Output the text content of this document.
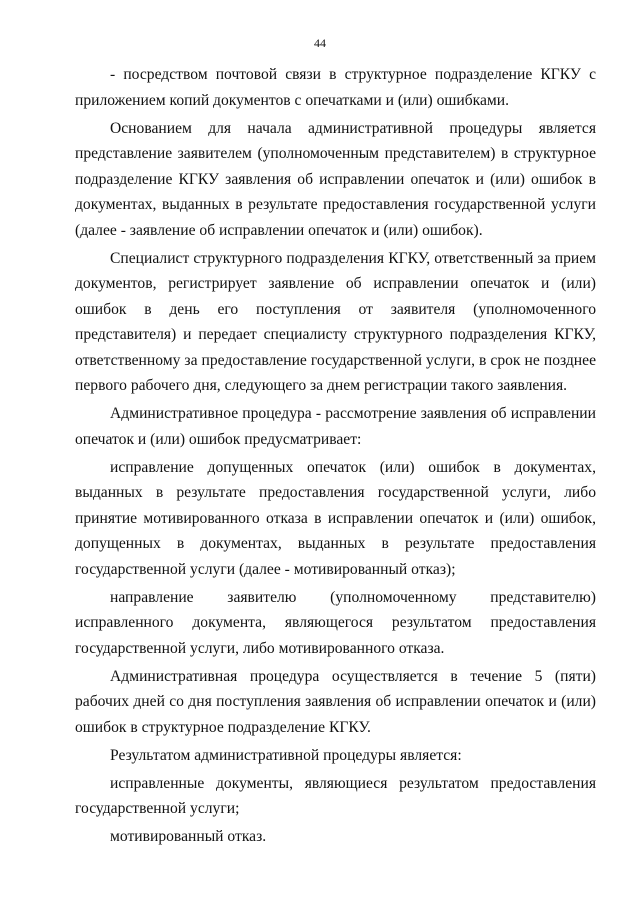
44

- посредством почтовой связи в структурное подразделение КГКУ с приложением копий документов с опечатками и (или) ошибками.

Основанием для начала административной процедуры является представление заявителем (уполномоченным представителем) в структурное подразделение КГКУ заявления об исправлении опечаток и (или) ошибок в документах, выданных в результате предоставления государственной услуги (далее - заявление об исправлении опечаток и (или) ошибок).

Специалист структурного подразделения КГКУ, ответственный за прием документов, регистрирует заявление об исправлении опечаток и (или) ошибок в день его поступления от заявителя (уполномоченного представителя) и передает специалисту структурного подразделения КГКУ, ответственному за предоставление государственной услуги, в срок не позднее первого рабочего дня, следующего за днем регистрации такого заявления.

Административное процедура - рассмотрение заявления об исправлении опечаток и (или) ошибок предусматривает:

исправление допущенных опечаток (или) ошибок в документах, выданных в результате предоставления государственной услуги, либо принятие мотивированного отказа в исправлении опечаток и (или) ошибок, допущенных в документах, выданных в результате предоставления государственной услуги (далее - мотивированный отказ);

направление заявителю (уполномоченному представителю) исправленного документа, являющегося результатом предоставления государственной услуги, либо мотивированного отказа.

Административная процедура осуществляется в течение 5 (пяти) рабочих дней со дня поступления заявления об исправлении опечаток и (или) ошибок в структурное подразделение КГКУ.

Результатом административной процедуры является:

исправленные документы, являющиеся результатом предоставления государственной услуги;

мотивированный отказ.
